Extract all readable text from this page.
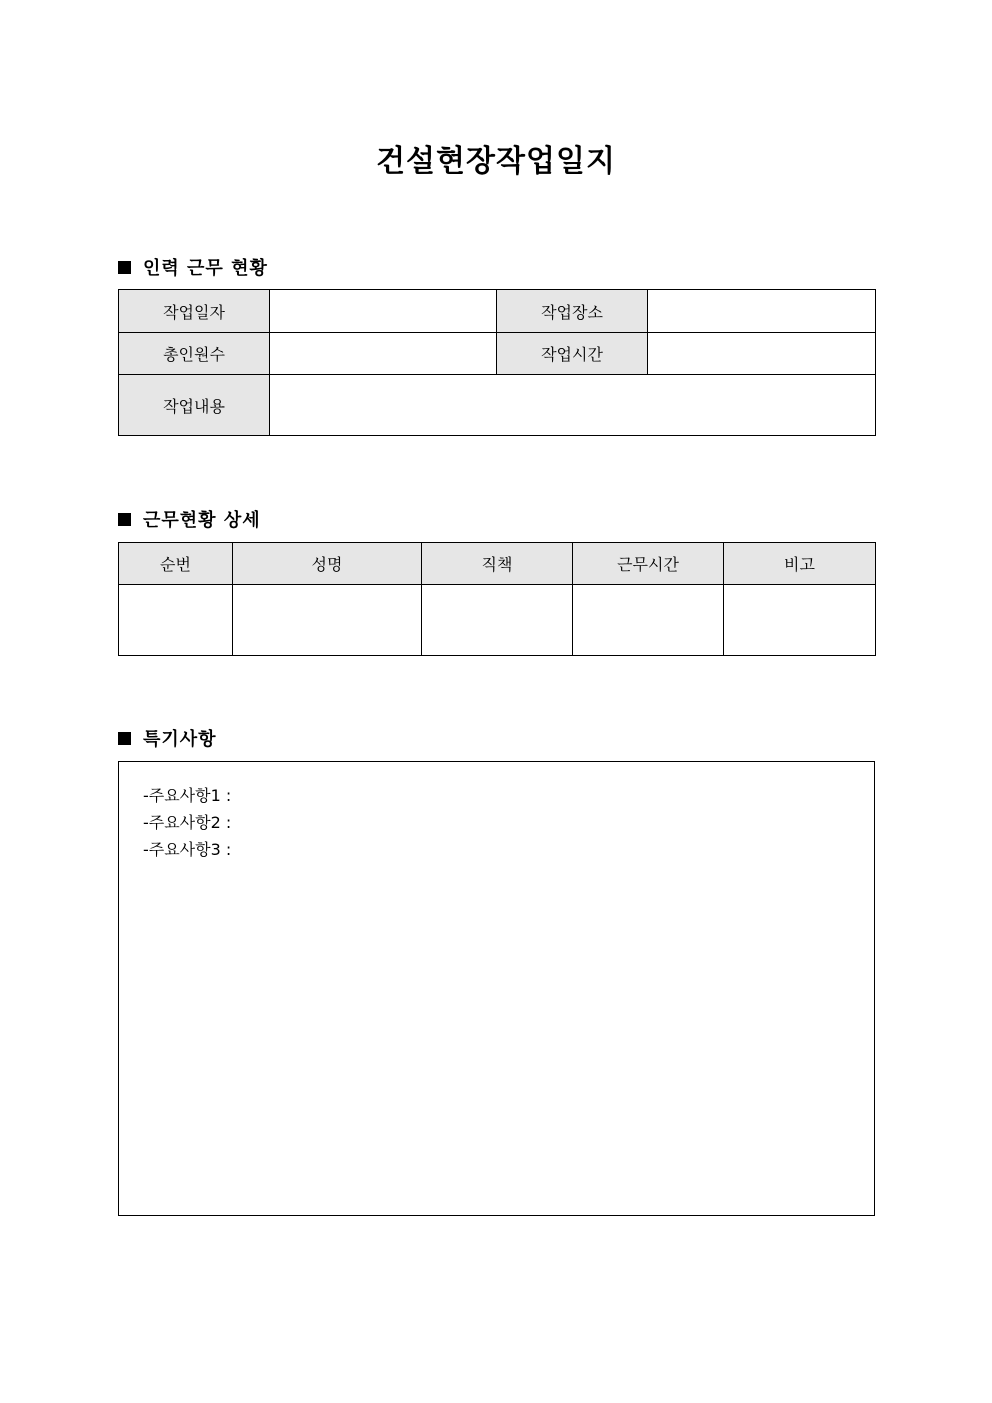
건설현장작업일지
인력 근무 현황
작업일자		작업장소	
총인원수		작업시간	
작업내용			
근무현황 상세
순번	성명	직책	근무시간	비고

특기사항
-주요사항1 :
-주요사항2 :
-주요사항3 :
